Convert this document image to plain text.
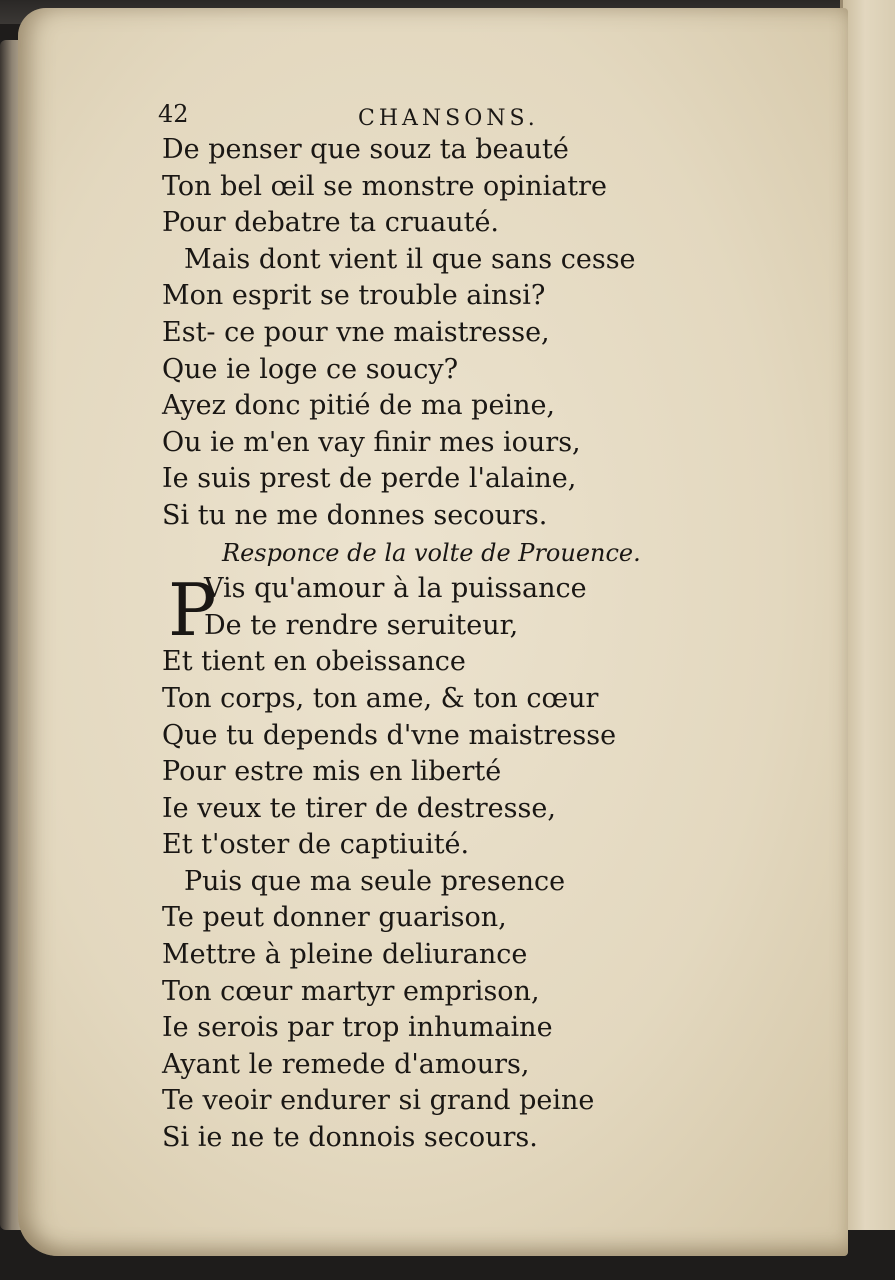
42	CHANSONS.
De penser que souz ta beauté
Ton bel œil se monstre opiniatre
Pour debatre ta cruauté.
Mais dont vient il que sans cesse
Mon esprit se trouble ainsi?
Est- ce pour vne maistresse,
Que ie loge ce soucy?
Ayez donc pitié de ma peine,
Ou ie m'en vay finir mes iours,
Ie suis prest de perde l'alaine,
Si tu ne me donnes secours.
Responce de la volte de Prouence.
P
Vis qu'amour à la puissance
De te rendre seruiteur,
Et tient en obeissance
Ton corps, ton ame, & ton cœur
Que tu depends d'vne maistresse
Pour estre mis en liberté
Ie veux te tirer de destresse,
Et t'oster de captiuité.
Puis que ma seule presence
Te peut donner guarison,
Mettre à pleine deliurance
Ton cœur martyr emprison,
Ie serois par trop inhumaine
Ayant le remede d'amours,
Te veoir endurer si grand peine
Si ie ne te donnois secours.
